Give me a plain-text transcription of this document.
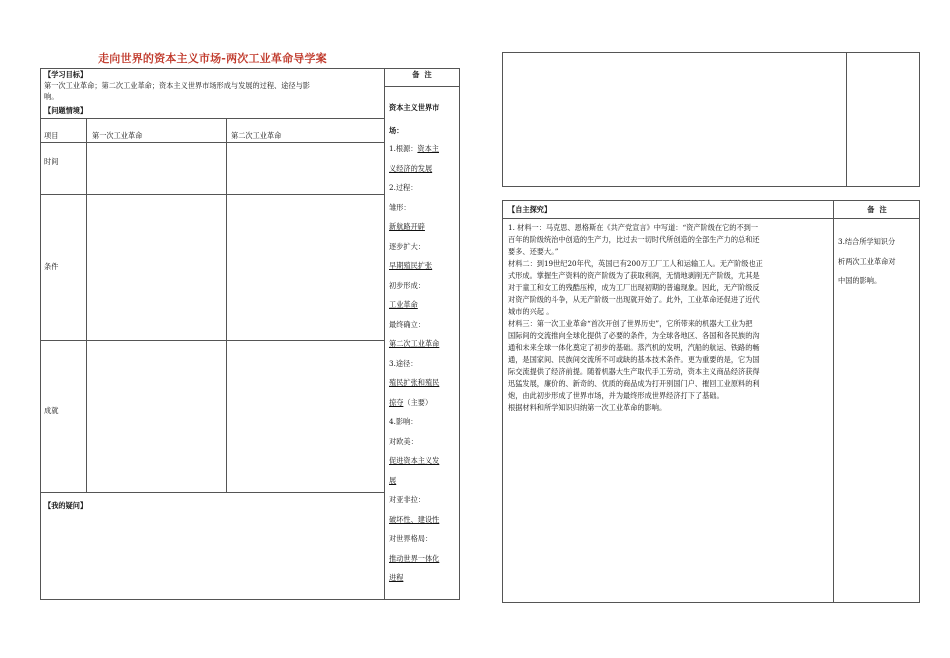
走向世界的资本主义市场-两次工业革命导学案
【学习目标】
第一次工业革命；第二次工业革命；资本主义世界市场形成与发展的过程、途径与影
响。
【问题情境】
项目	第一次工业革命	第二次工业革命
时间
条件
成就
【我的疑问】
备  注
资本主义世界市
场：
1.根源：资本主
义经济的发展
2.过程：
雏形：
新航路开辟
逐步扩大：
早期殖民扩张
初步形成：
工业革命
最终确立：
第二次工业革命
3.途径：
殖民扩张和殖民
掠夺（主要）
4.影响：
对欧美：
促进资本主义发
展
对亚非拉：
破坏性、建设性
对世界格局：
推动世界一体化
进程
【自主探究】	备  注
1. 材料一：马克思、恩格斯在《共产党宣言》中写道：“资产阶级在它的不到一
百年的阶级统治中创造的生产力，比过去一切时代所创造的全部生产力的总和还
要多、还要大。”
材料二：到19世纪20年代，英国已有200万工厂工人和运输工人。无产阶级也正
式形成。掌握生产资料的资产阶级为了获取利润，无情地剥削无产阶级，尤其是
对于童工和女工的残酷压榨，成为工厂出现初期的普遍现象。因此，无产阶级反
对资产阶级的斗争，从无产阶级一出现就开始了。此外，工业革命还促进了近代
城市的兴起 。
材料三：第一次工业革命“首次开创了世界历史”，它所带来的机器大工业为把
国际间的交流推向全球化提供了必要的条件，为全球各地区、各国和各民族的沟
通和未来全球一体化奠定了初步的基础。蒸汽机的发明，汽船的航运、铁路的畅
通，是国家间、民族间交流所不可或缺的基本技术条件。更为重要的是，它为国
际交流提供了经济前提。随着机器大生产取代手工劳动，资本主义商品经济获得
迅猛发展，廉价的、新奇的、优质的商品成为打开别国门户、摧回工业原料的利
炮，由此初步形成了世界市场，并为最终形成世界经济打下了基础。
根据材料和所学知识归纳第一次工业革命的影响。
3.结合所学知识分
析两次工业革命对
中国的影响。
